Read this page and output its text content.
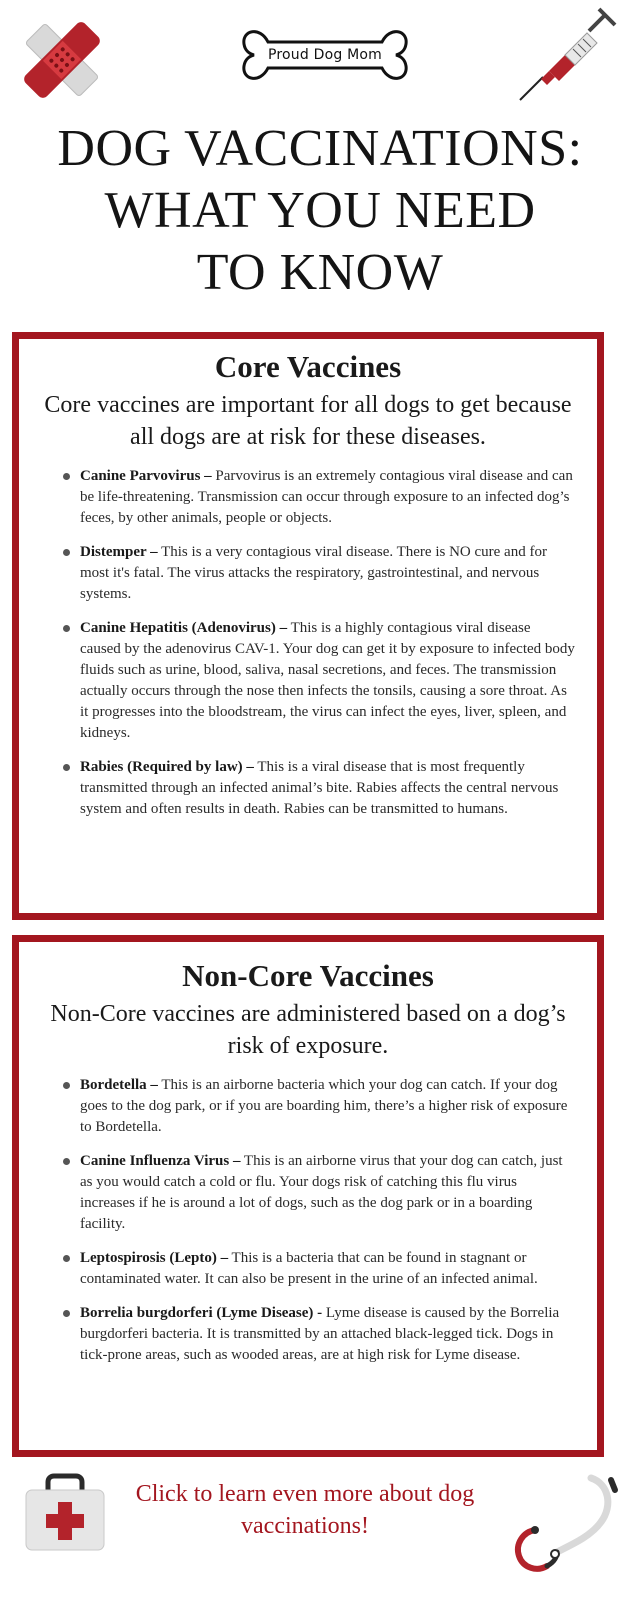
Proud Dog Mom
DOG VACCINATIONS:
WHAT YOU NEED
TO KNOW
Core Vaccines
Core vaccines are important for all dogs to get because all dogs are at risk for these diseases.
Canine Parvovirus – Parvovirus is an extremely contagious viral disease and can be life-threatening. Transmission can occur through exposure to an infected dog’s feces, by other animals, people or objects.
Distemper – This is a very contagious viral disease. There is NO cure and for most it's fatal. The virus attacks the respiratory, gastrointestinal, and nervous systems.
Canine Hepatitis (Adenovirus) – This is a highly contagious viral disease caused by the adenovirus CAV-1. Your dog can get it by exposure to infected body fluids such as urine, blood, saliva, nasal secretions, and feces. The transmission actually occurs through the nose then infects the tonsils, causing a sore throat. As it progresses into the bloodstream, the virus can infect the eyes, liver, spleen, and kidneys.
Rabies (Required by law) – This is a viral disease that is most frequently transmitted through an infected animal’s bite. Rabies affects the central nervous system and often results in death. Rabies can be transmitted to humans.
Non-Core Vaccines
Non-Core vaccines are administered based on a dog’s risk of exposure.
Bordetella – This is an airborne bacteria which your dog can catch. If your dog goes to the dog park, or if you are boarding him, there’s a higher risk of exposure to Bordetella.
Canine Influenza Virus – This is an airborne virus that your dog can catch, just as you would catch a cold or flu. Your dogs risk of catching this flu virus increases if he is around a lot of dogs, such as the dog park or in a boarding facility.
Leptospirosis (Lepto) – This is a bacteria that can be found in stagnant or contaminated water. It can also be present in the urine of an infected animal.
Borrelia burgdorferi (Lyme Disease) - Lyme disease is caused by the Borrelia burgdorferi bacteria. It is transmitted by an attached black-legged tick. Dogs in tick-prone areas, such as wooded areas, are at high risk for Lyme disease.
Click to learn even more about dog vaccinations!
